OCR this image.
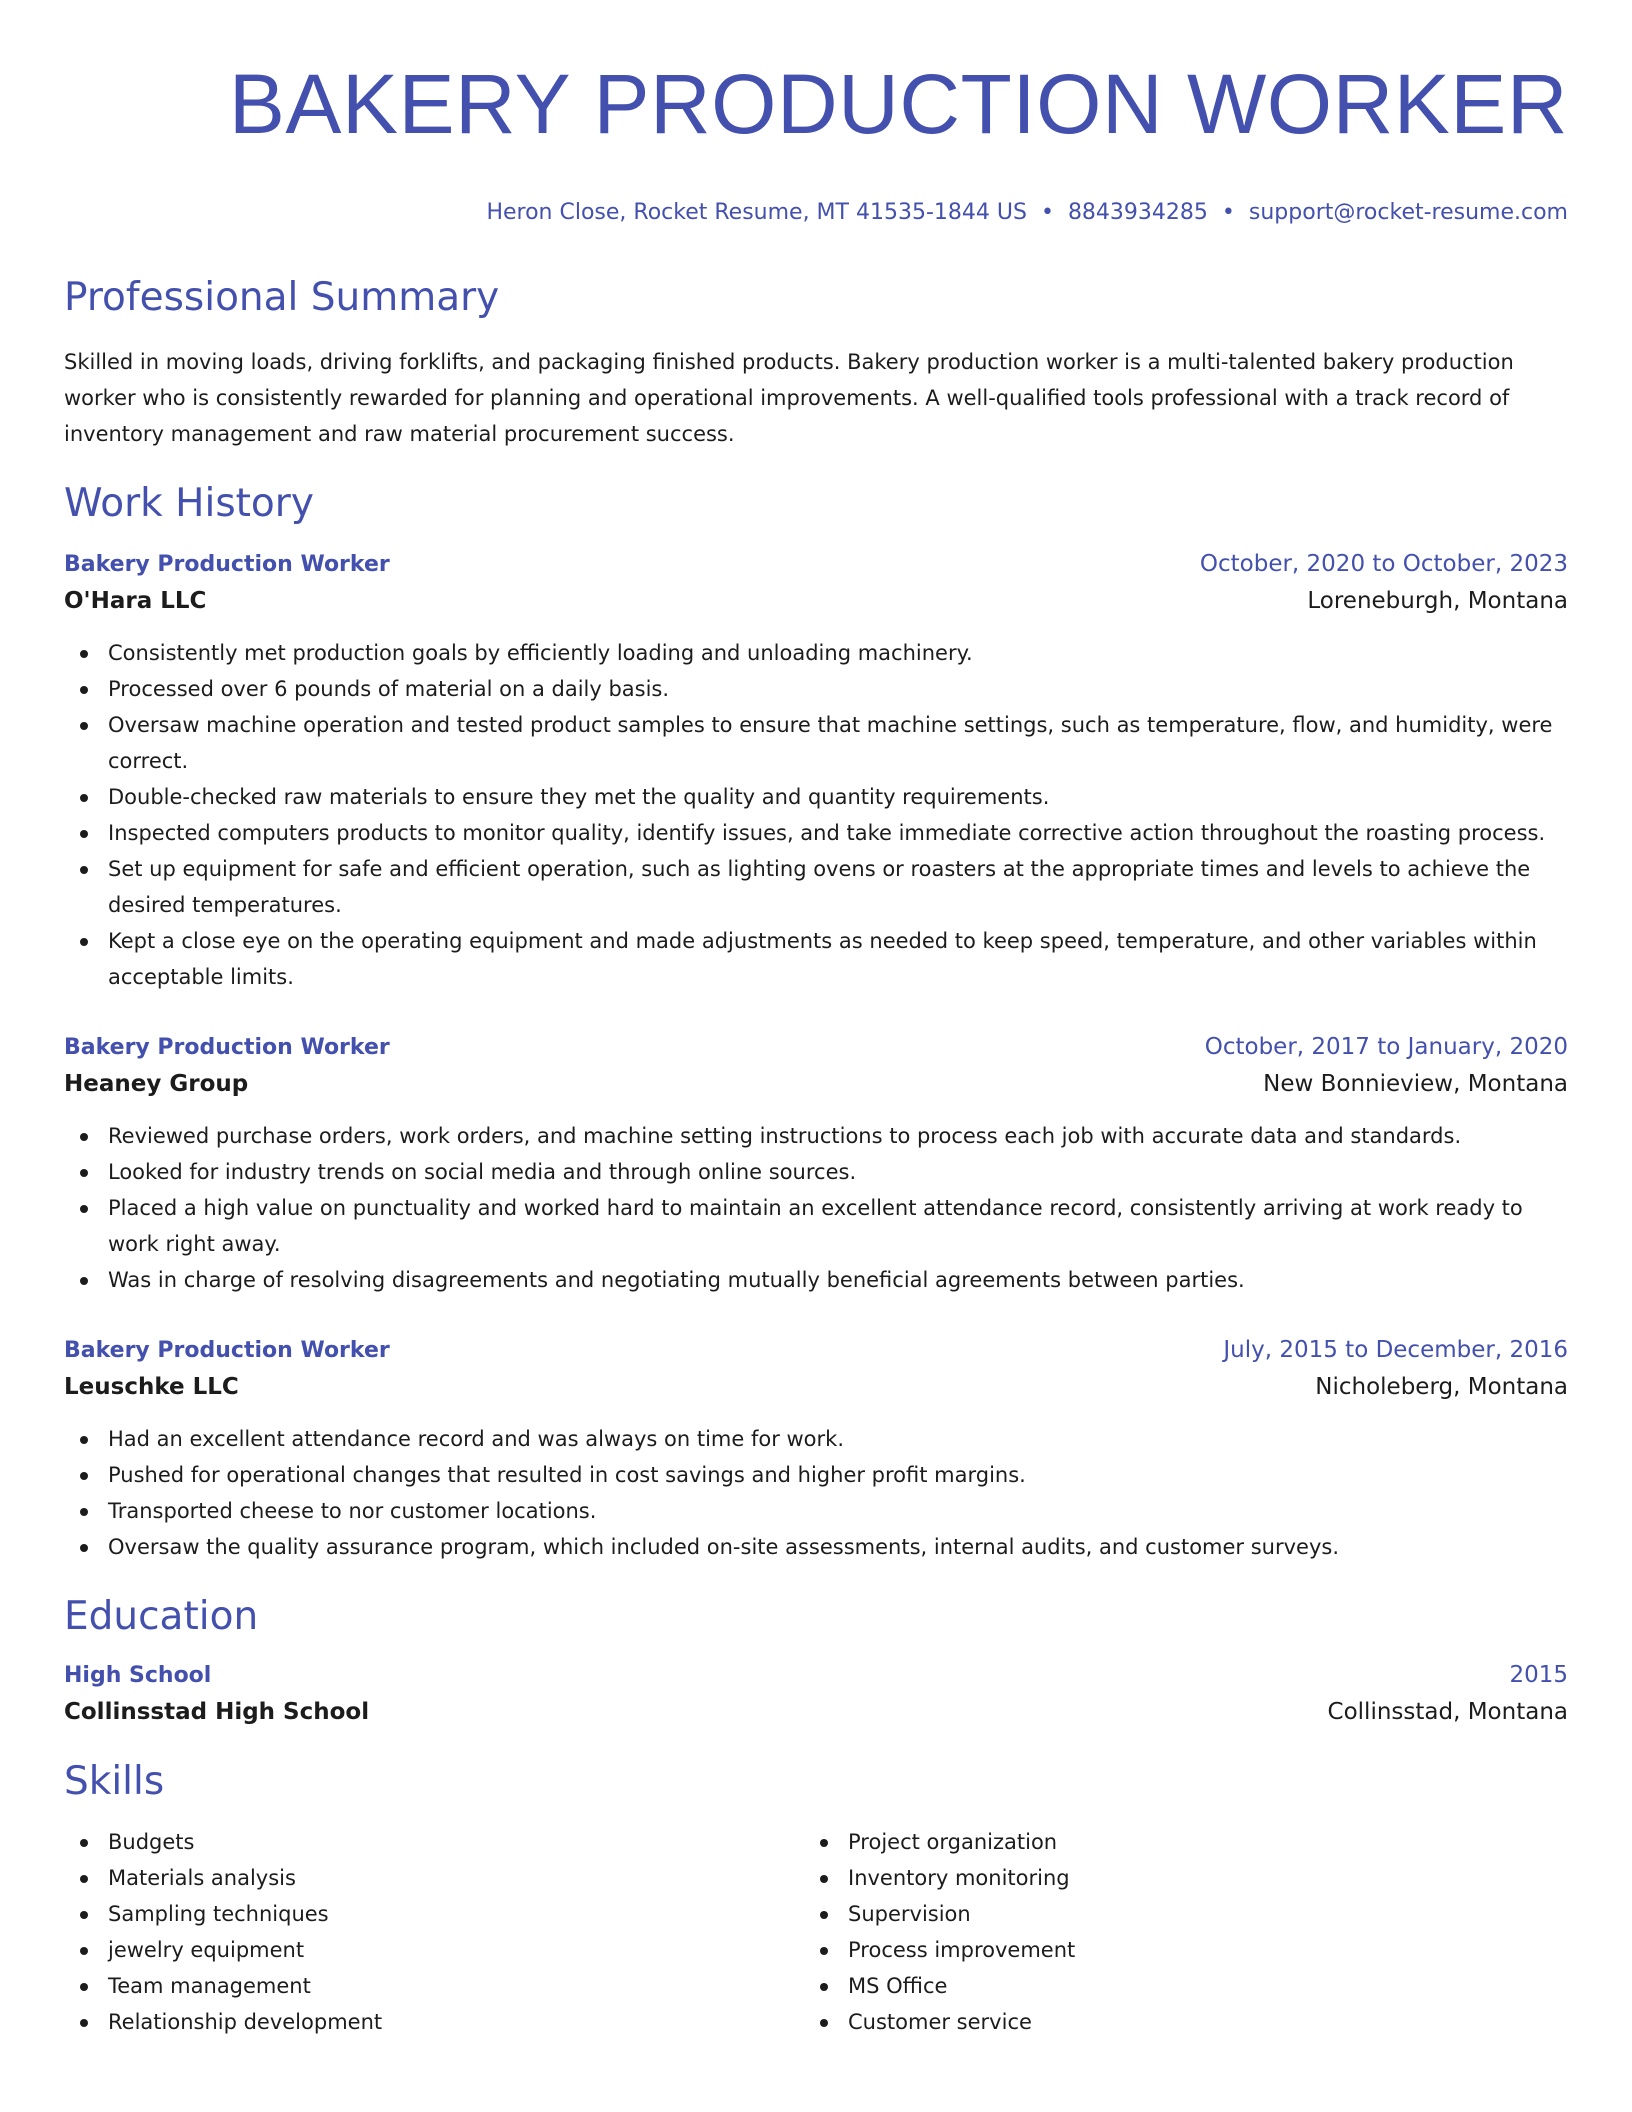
BAKERY PRODUCTION WORKER
Heron Close, Rocket Resume, MT 41535-1844 US • 8843934285 • support@rocket-resume.com
Professional Summary

Skilled in moving loads, driving forklifts, and packaging finished products. Bakery production worker is a multi-talented bakery production worker who is consistently rewarded for planning and operational improvements. A well-qualified tools professional with a track record of inventory management and raw material procurement success.

Work History
Bakery Production Worker	October, 2020 to October, 2023
O'Hara LLC	Loreneburgh, Montana
Consistently met production goals by efficiently loading and unloading machinery.
Processed over 6 pounds of material on a daily basis.
Oversaw machine operation and tested product samples to ensure that machine settings, such as temperature, flow, and humidity, were correct.
Double-checked raw materials to ensure they met the quality and quantity requirements.
Inspected computers products to monitor quality, identify issues, and take immediate corrective action throughout the roasting process.
Set up equipment for safe and efficient operation, such as lighting ovens or roasters at the appropriate times and levels to achieve the desired temperatures.
Kept a close eye on the operating equipment and made adjustments as needed to keep speed, temperature, and other variables within acceptable limits.
Bakery Production Worker	October, 2017 to January, 2020
Heaney Group	New Bonnieview, Montana
Reviewed purchase orders, work orders, and machine setting instructions to process each job with accurate data and standards.
Looked for industry trends on social media and through online sources.
Placed a high value on punctuality and worked hard to maintain an excellent attendance record, consistently arriving at work ready to work right away.
Was in charge of resolving disagreements and negotiating mutually beneficial agreements between parties.
Bakery Production Worker	July, 2015 to December, 2016
Leuschke LLC	Nicholeberg, Montana
Had an excellent attendance record and was always on time for work.
Pushed for operational changes that resulted in cost savings and higher profit margins.
Transported cheese to nor customer locations.
Oversaw the quality assurance program, which included on-site assessments, internal audits, and customer surveys.
Education
High School	2015
Collinsstad High School	Collinsstad, Montana
Skills
Budgets
Materials analysis
Sampling techniques
jewelry equipment
Team management
Relationship development
Project organization
Inventory monitoring
Supervision
Process improvement
MS Office
Customer service
